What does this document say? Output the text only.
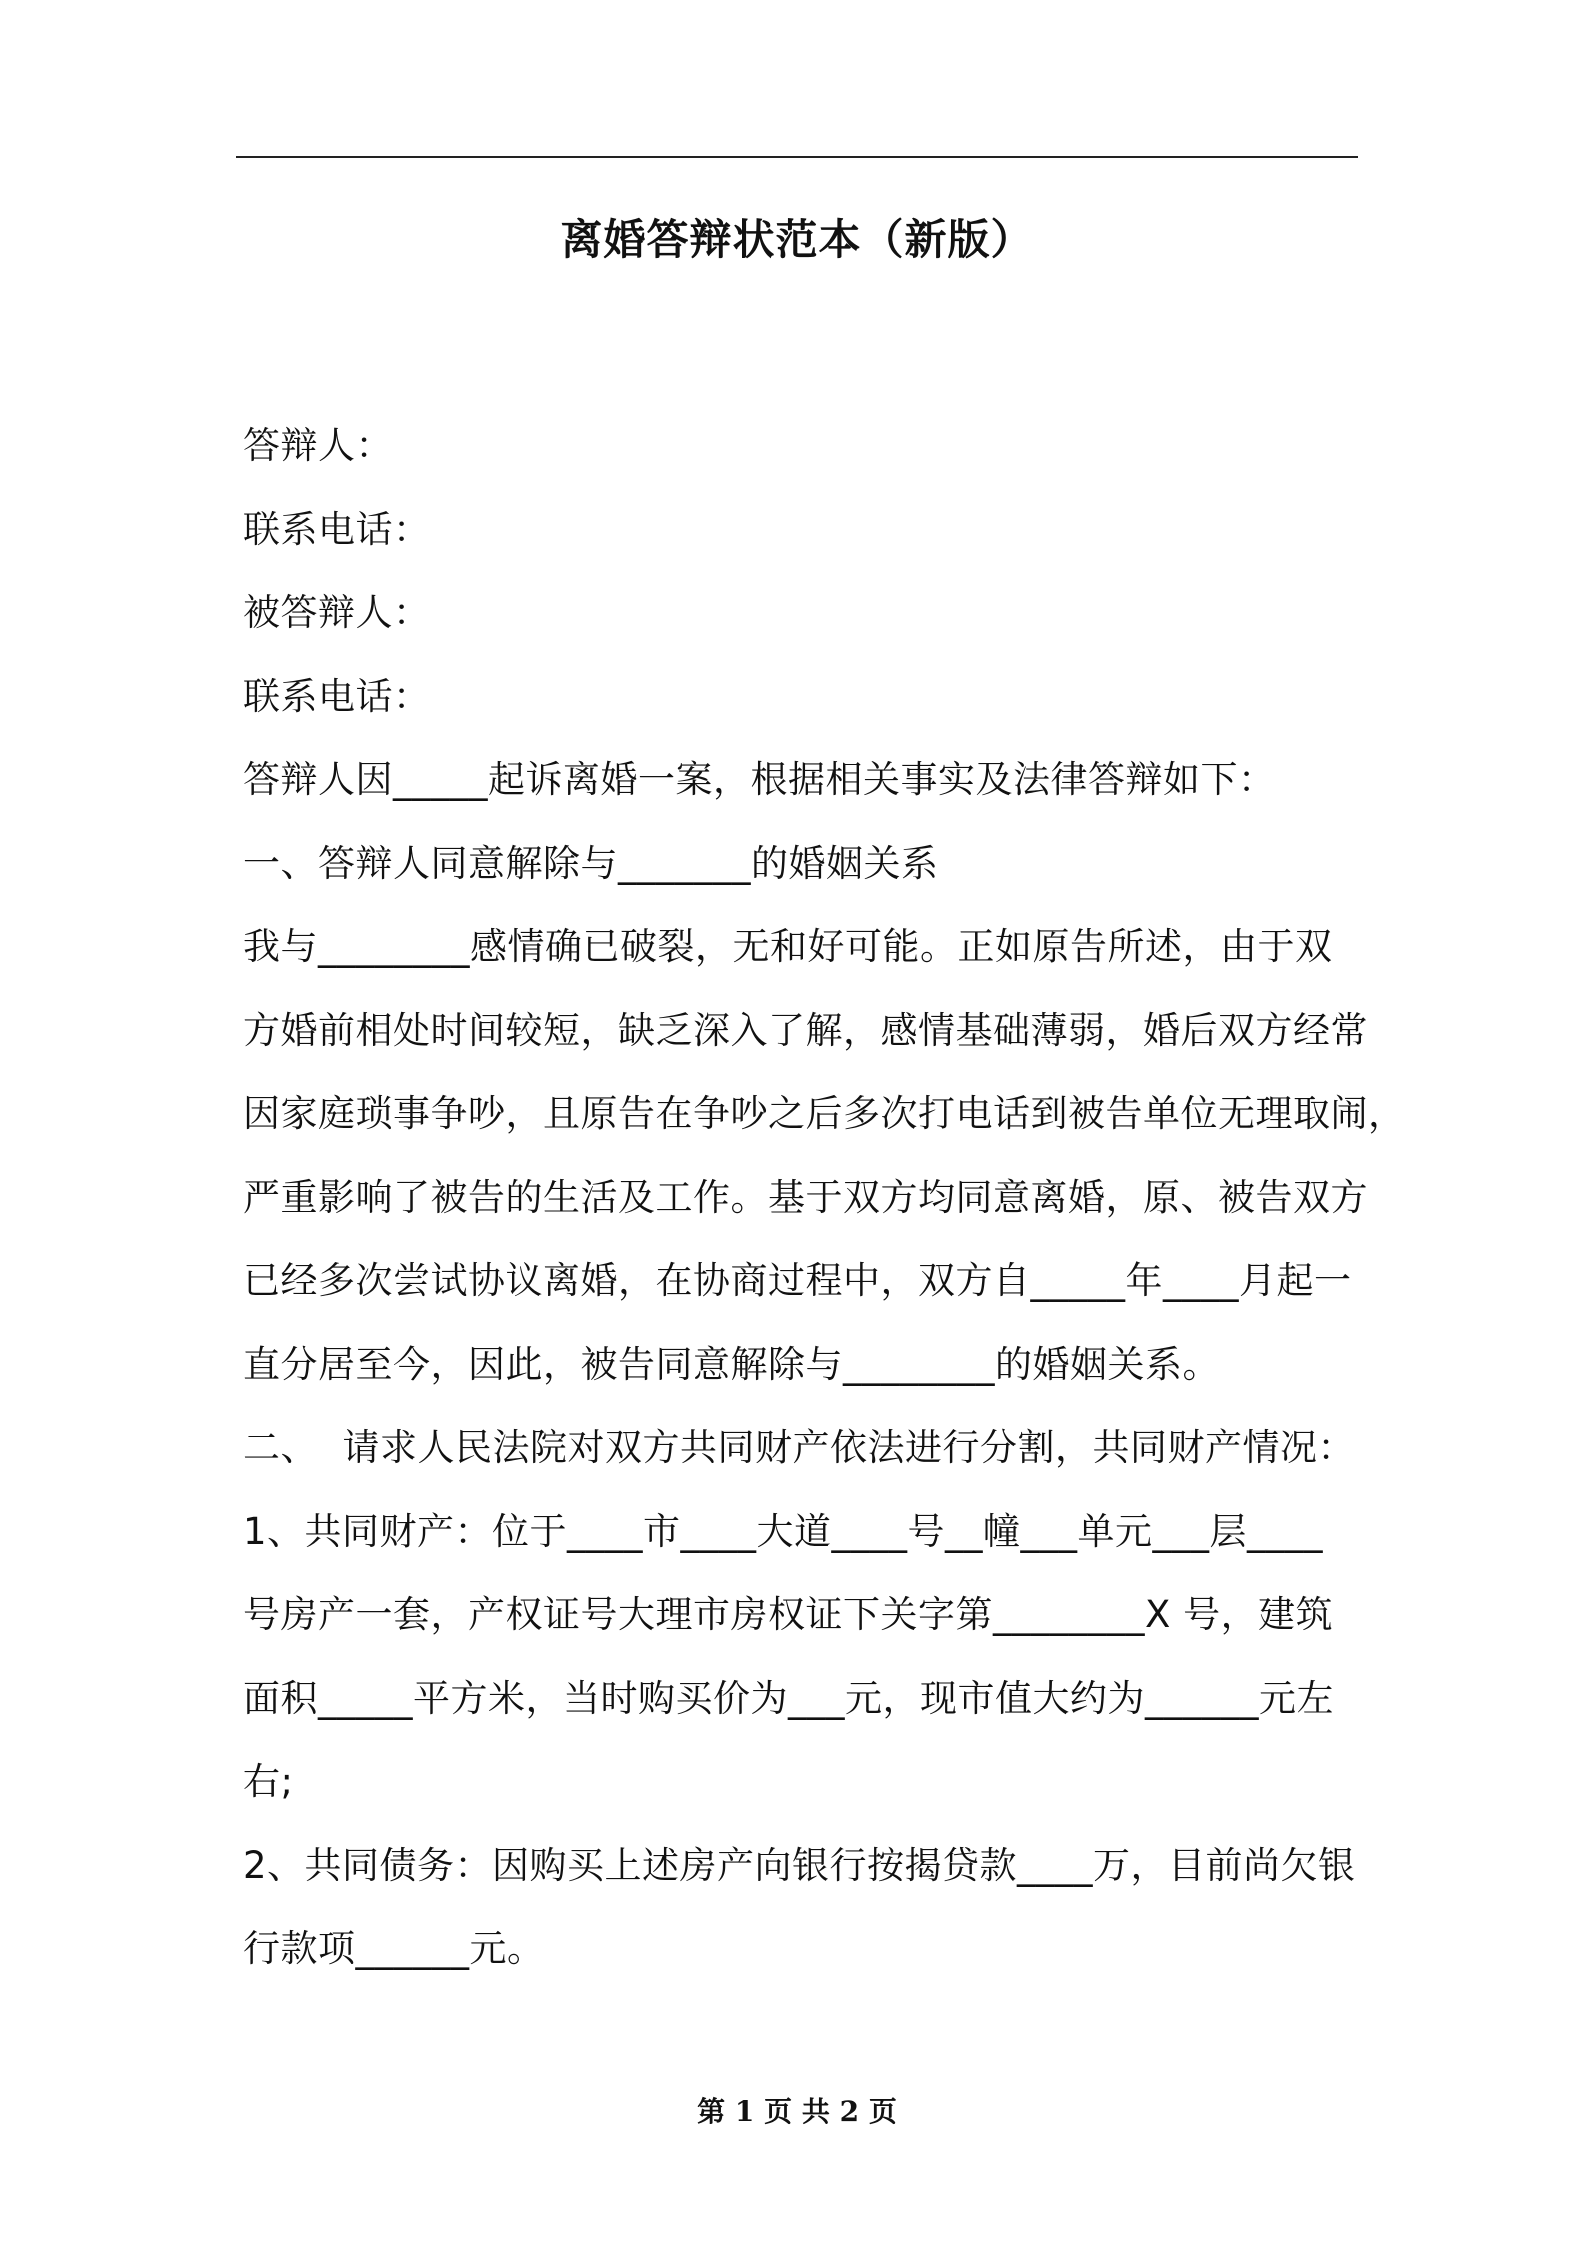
离婚答辩状范本（新版）
答辩人：
联系电话：
被答辩人：
联系电话：
答辩人因_____起诉离婚一案，根据相关事实及法律答辩如下：
一、答辩人同意解除与_______的婚姻关系
我与________感情确已破裂，无和好可能。正如原告所述，由于双
方婚前相处时间较短，缺乏深入了解，感情基础薄弱，婚后双方经常
因家庭琐事争吵，且原告在争吵之后多次打电话到被告单位无理取闹，
严重影响了被告的生活及工作。基于双方均同意离婚，原、被告双方
已经多次尝试协议离婚，在协商过程中，双方自_____年____月起一
直分居至今，因此，被告同意解除与________的婚姻关系。
二、  请求人民法院对双方共同财产依法进行分割，共同财产情况：
1、共同财产：位于____市____大道____号__幢___单元___层____
号房产一套，产权证号大理市房权证下关字第________X 号，建筑
面积_____平方米，当时购买价为___元，现市值大约为______元左
右;
2、共同债务：因购买上述房产向银行按揭贷款____万，目前尚欠银
行款项______元。
第 1 页 共 2 页
